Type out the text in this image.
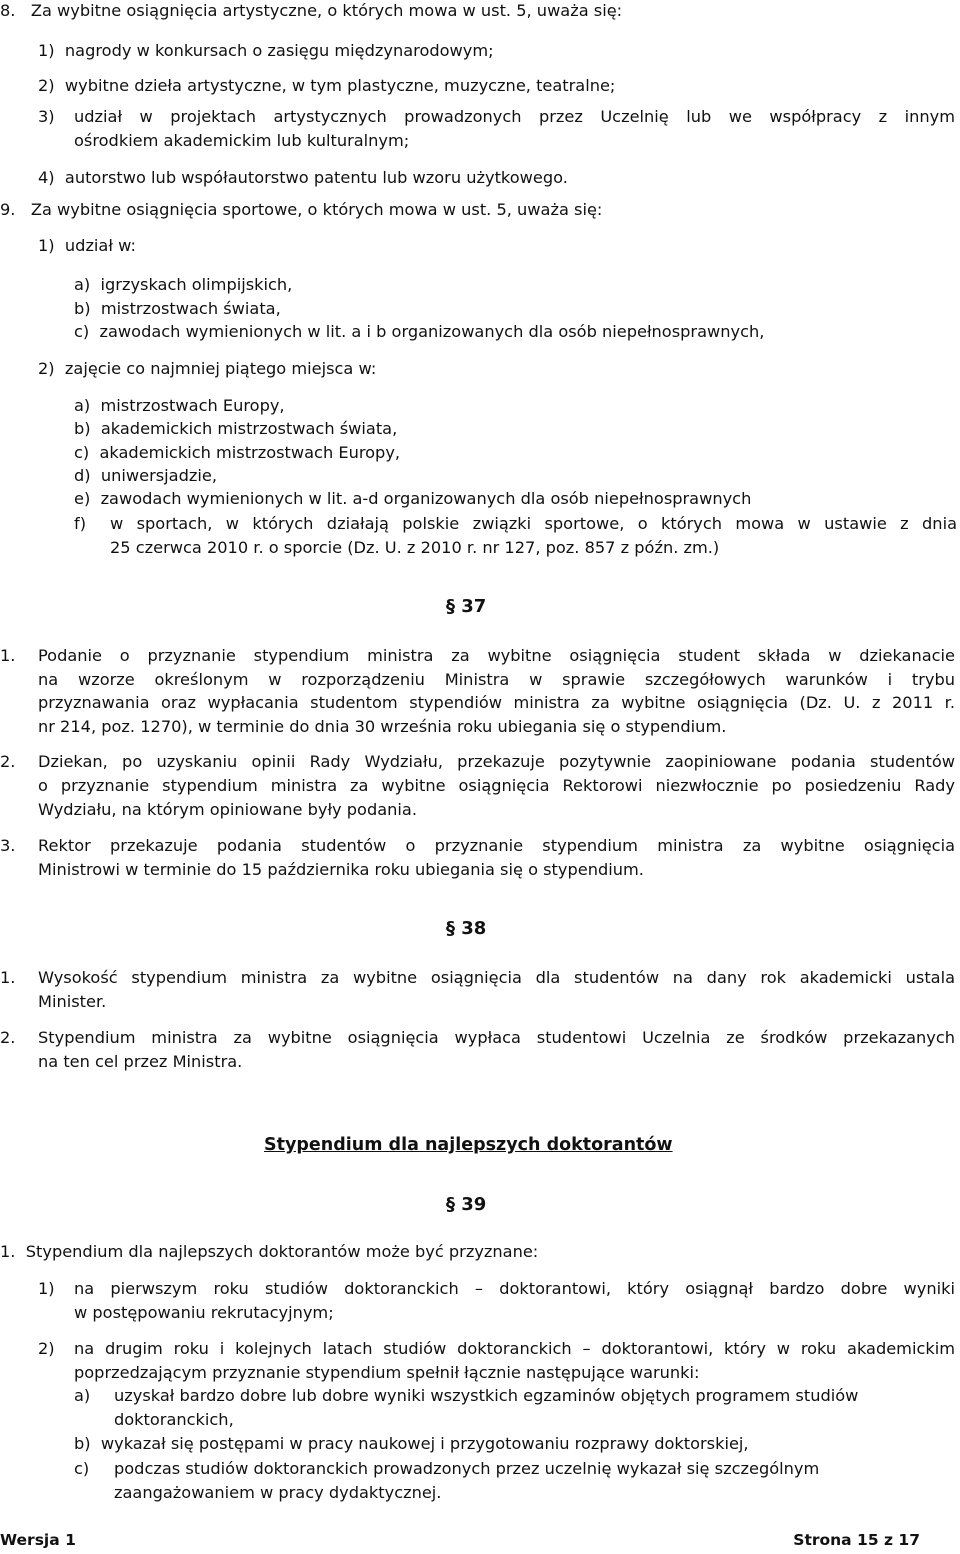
8.   Za wybitne osiągnięcia artystyczne, o których mowa w ust. 5, uważa się:
1)  nagrody w konkursach o zasięgu międzynarodowym;
2)  wybitne dzieła artystyczne, w tym plastyczne, muzyczne, teatralne;
3) udział w projektach artystycznych prowadzonych przez Uczelnię lub we współpracy z innym
ośrodkiem akademickim lub kulturalnym;
4)  autorstwo lub współautorstwo patentu lub wzoru użytkowego.
9.   Za wybitne osiągnięcia sportowe, o których mowa w ust. 5, uważa się:
1)  udział w:
a)  igrzyskach olimpijskich,
b)  mistrzostwach świata,
c)  zawodach wymienionych w lit. a i b organizowanych dla osób niepełnosprawnych,
2)  zajęcie co najmniej piątego miejsca w:
a)  mistrzostwach Europy,
b)  akademickich mistrzostwach świata,
c)  akademickich mistrzostwach Europy,
d)  uniwersjadzie,
e)  zawodach wymienionych w lit. a-d organizowanych dla osób niepełnosprawnych
f) w sportach, w których działają polskie związki sportowe, o których mowa w ustawie z dnia
25 czerwca 2010 r. o sporcie (Dz. U. z 2010 r. nr 127, poz. 857 z późn. zm.)
§ 37
1. Podanie o przyznanie stypendium ministra za wybitne osiągnięcia student składa w dziekanacie
na wzorze określonym w rozporządzeniu Ministra w sprawie szczegółowych warunków i trybu
przyznawania oraz wypłacania studentom stypendiów ministra za wybitne osiągnięcia (Dz. U. z 2011 r.
nr 214, poz. 1270), w terminie do dnia 30 września roku ubiegania się o stypendium.
2. Dziekan, po uzyskaniu opinii Rady Wydziału, przekazuje pozytywnie zaopiniowane podania studentów
o przyznanie stypendium ministra za wybitne osiągnięcia Rektorowi niezwłocznie po posiedzeniu Rady
Wydziału, na którym opiniowane były podania.
3. Rektor przekazuje podania studentów o przyznanie stypendium ministra za wybitne osiągnięcia
Ministrowi w terminie do 15 października roku ubiegania się o stypendium.
§ 38
1. Wysokość stypendium ministra za wybitne osiągnięcia dla studentów na dany rok akademicki ustala
Minister.
2. Stypendium ministra za wybitne osiągnięcia wypłaca studentowi Uczelnia ze środków przekazanych
na ten cel przez Ministra.
Stypendium dla najlepszych doktorantów
§ 39
1.  Stypendium dla najlepszych doktorantów może być przyznane:
1) na pierwszym roku studiów doktoranckich – doktorantowi, który osiągnął bardzo dobre wyniki
w postępowaniu rekrutacyjnym;
2) na drugim roku i kolejnych latach studiów doktoranckich – doktorantowi, który w roku akademickim
poprzedzającym przyznanie stypendium spełnił łącznie następujące warunki:
a) uzyskał bardzo dobre lub dobre wyniki wszystkich egzaminów objętych programem studiów
doktoranckich,
b)  wykazał się postępami w pracy naukowej i przygotowaniu rozprawy doktorskiej,
c) podczas studiów doktoranckich prowadzonych przez uczelnię wykazał się szczególnym
zaangażowaniem w pracy dydaktycznej.
Wersja 1	Strona 15 z 17
